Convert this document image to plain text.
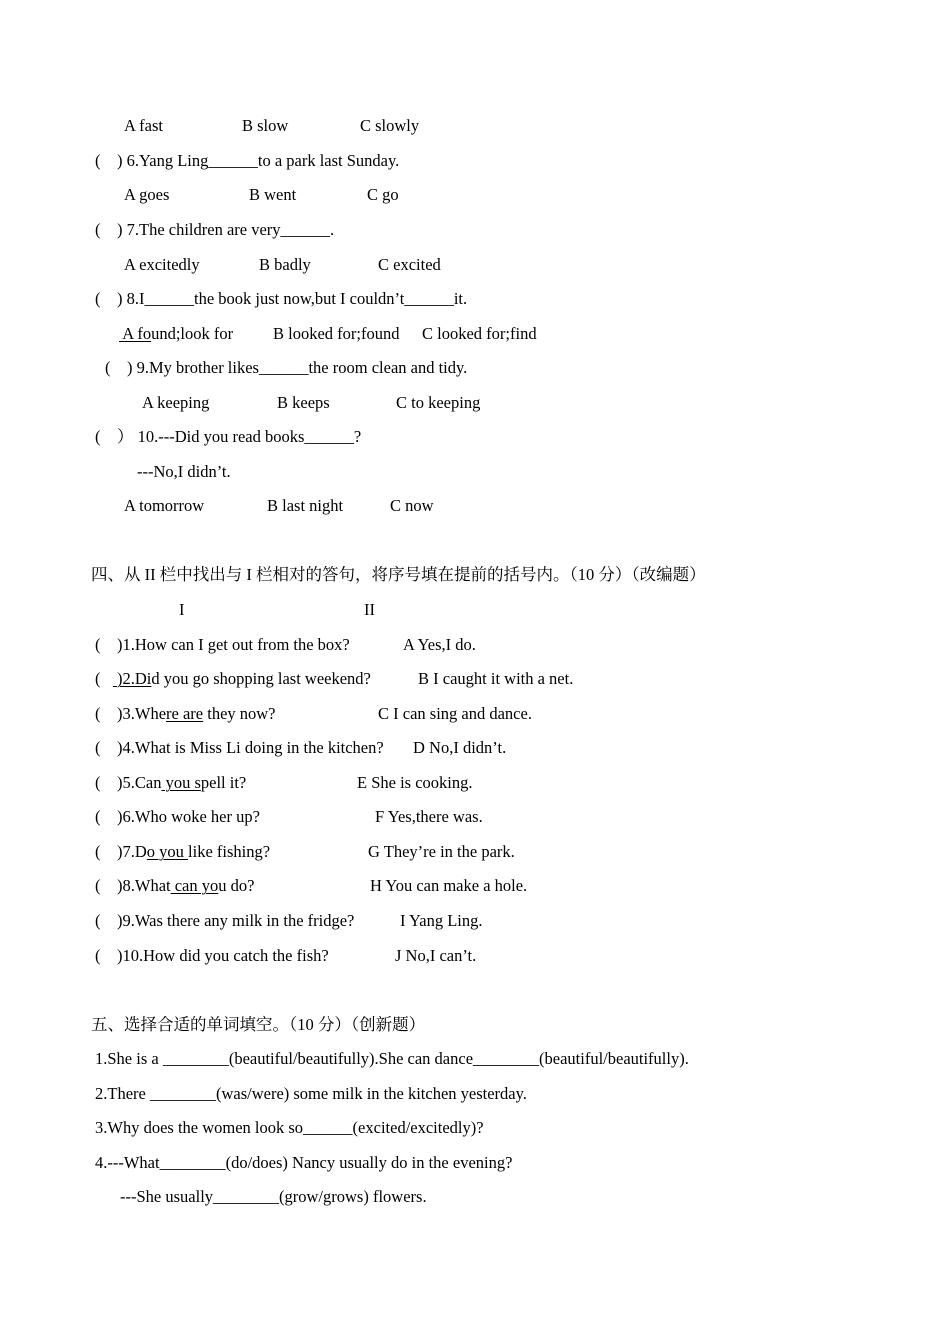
A fast	B slow	C slowly
(    ) 6.Yang Ling______to a park last Sunday.
A goes	B went	C go
(    ) 7.The children are very______.
A excitedly	B badly	C excited
(    ) 8.I______the book just now,but I couldn’t______it.
A found;look for B looked for;found C looked for;find
(    ) 9.My brother likes______the room clean and tidy.
A keeping	B keeps	C to keeping
(    ） 10.---Did you read books______?
---No,I didn’t.
A tomorrow	B last night	C now
四、从 II 栏中找出与 I 栏相对的答句，将序号填在提前的括号内。（10 分）（改编题）
I	II
(    )1.How can I get out from the box?	A Yes,I do.
(    )2.Did you go shopping last weekend?	B I caught it with a net.
(    )3.Where are they now?	C I can sing and dance.
(    )4.What is Miss Li doing in the kitchen? D No,I didn’t.
(    )5.Can you spell it?	E She is cooking.
(    )6.Who woke her up?	F Yes,there was.
(    )7.Do you like fishing?	G They’re in the park.
(    )8.What can you do?	H You can make a hole.
(    )9.Was there any milk in the fridge?	I Yang Ling.
(    )10.How did you catch the fish?	J No,I can’t.
五、选择合适的单词填空。（10 分）（创新题）
1.She is a ________(beautiful/beautifully).She can dance________(beautiful/beautifully).
2.There ________(was/were) some milk in the kitchen yesterday.
3.Why does the women look so______(excited/excitedly)?
4.---What________(do/does) Nancy usually do in the evening?
---She usually________(grow/grows) flowers.
